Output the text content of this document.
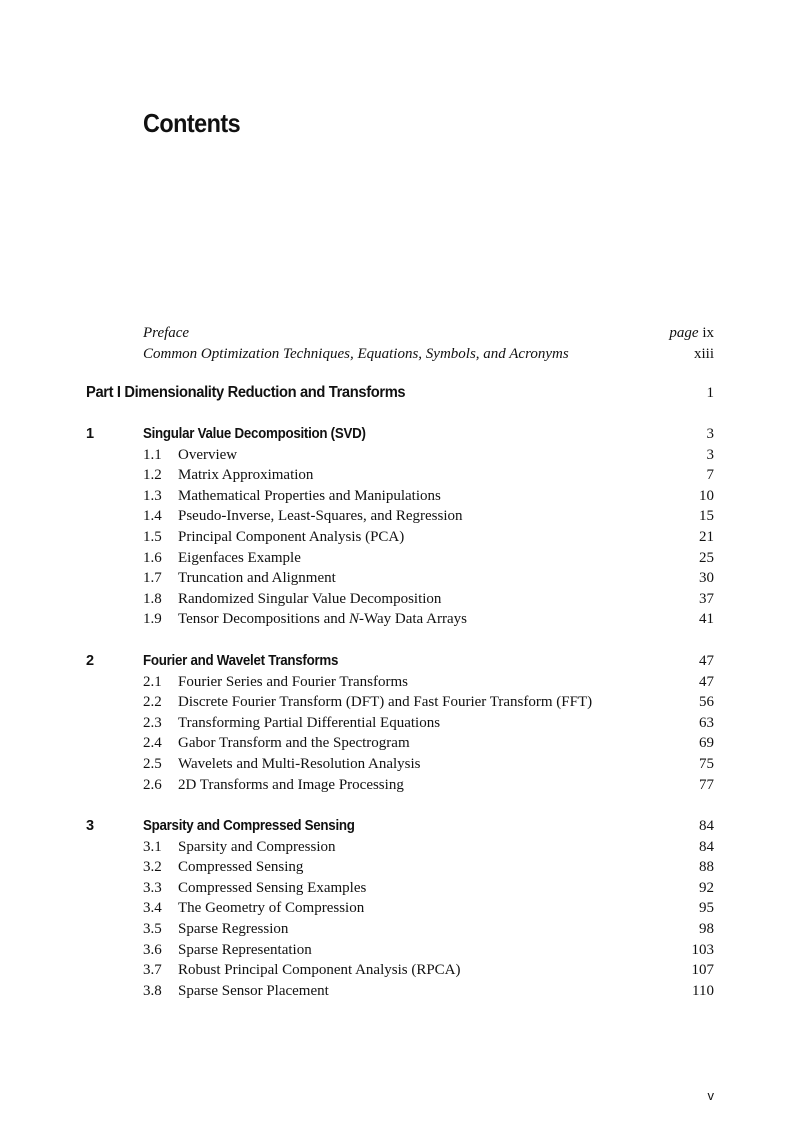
Contents
Preface	page ix
Common Optimization Techniques, Equations, Symbols, and Acronyms	xiii
Part I Dimensionality Reduction and Transforms	1
1	Singular Value Decomposition (SVD)	3
1.1 Overview	3
1.2 Matrix Approximation	7
1.3 Mathematical Properties and Manipulations	10
1.4 Pseudo-Inverse, Least-Squares, and Regression	15
1.5 Principal Component Analysis (PCA)	21
1.6 Eigenfaces Example	25
1.7 Truncation and Alignment	30
1.8 Randomized Singular Value Decomposition	37
1.9 Tensor Decompositions and N-Way Data Arrays	41
2	Fourier and Wavelet Transforms	47
2.1 Fourier Series and Fourier Transforms	47
2.2 Discrete Fourier Transform (DFT) and Fast Fourier Transform (FFT)	56
2.3 Transforming Partial Differential Equations	63
2.4 Gabor Transform and the Spectrogram	69
2.5 Wavelets and Multi-Resolution Analysis	75
2.6 2D Transforms and Image Processing	77
3	Sparsity and Compressed Sensing	84
3.1 Sparsity and Compression	84
3.2 Compressed Sensing	88
3.3 Compressed Sensing Examples	92
3.4 The Geometry of Compression	95
3.5 Sparse Regression	98
3.6 Sparse Representation	103
3.7 Robust Principal Component Analysis (RPCA)	107
3.8 Sparse Sensor Placement	110
v
